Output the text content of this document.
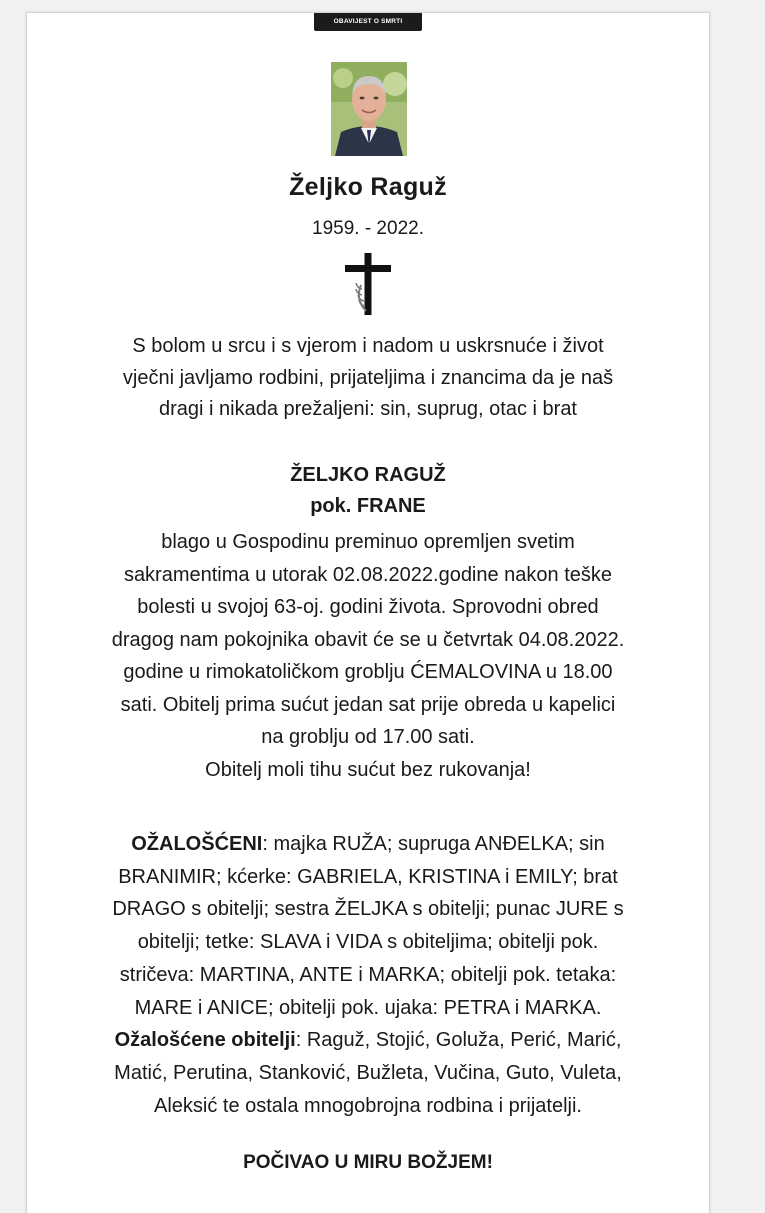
OBAVIJEST O SMRTI
Željko Raguž
1959. - 2022.
S bolom u srcu i s vjerom i nadom u uskrsnuće i život
vječni javljamo rodbini, prijateljima i znancima da je naš
dragi i nikada prežaljeni: sin, suprug, otac i brat
ŽELJKO RAGUŽ
pok. FRANE
blago u Gospodinu preminuo opremljen svetim
sakramentima u utorak 02.08.2022.godine nakon teške
bolesti u svojoj 63-oj. godini života. Sprovodni obred
dragog nam pokojnika obavit će se u četvrtak 04.08.2022.
godine u rimokatoličkom groblju ĆEMALOVINA u 18.00
sati. Obitelj prima sućut jedan sat prije obreda u kapelici
na groblju od 17.00 sati.
Obitelj moli tihu sućut bez rukovanja!
OŽALOŠĆENI: majka RUŽA; supruga ANĐELKA; sin
BRANIMIR; kćerke: GABRIELA, KRISTINA i EMILY; brat
DRAGO s obitelji; sestra ŽELJKA s obitelji; punac JURE s
obitelji; tetke: SLAVA i VIDA s obiteljima; obitelji pok.
stričeva: MARTINA, ANTE i MARKA; obitelji pok. tetaka:
MARE i ANICE; obitelji pok. ujaka: PETRA i MARKA.
Ožalošćene obitelji: Raguž, Stojić, Goluža, Perić, Marić,
Matić, Perutina, Stanković, Bužleta, Vučina, Guto, Vuleta,
Aleksić te ostala mnogobrojna rodbina i prijatelji.
POČIVAO U MIRU BOŽJEM!
